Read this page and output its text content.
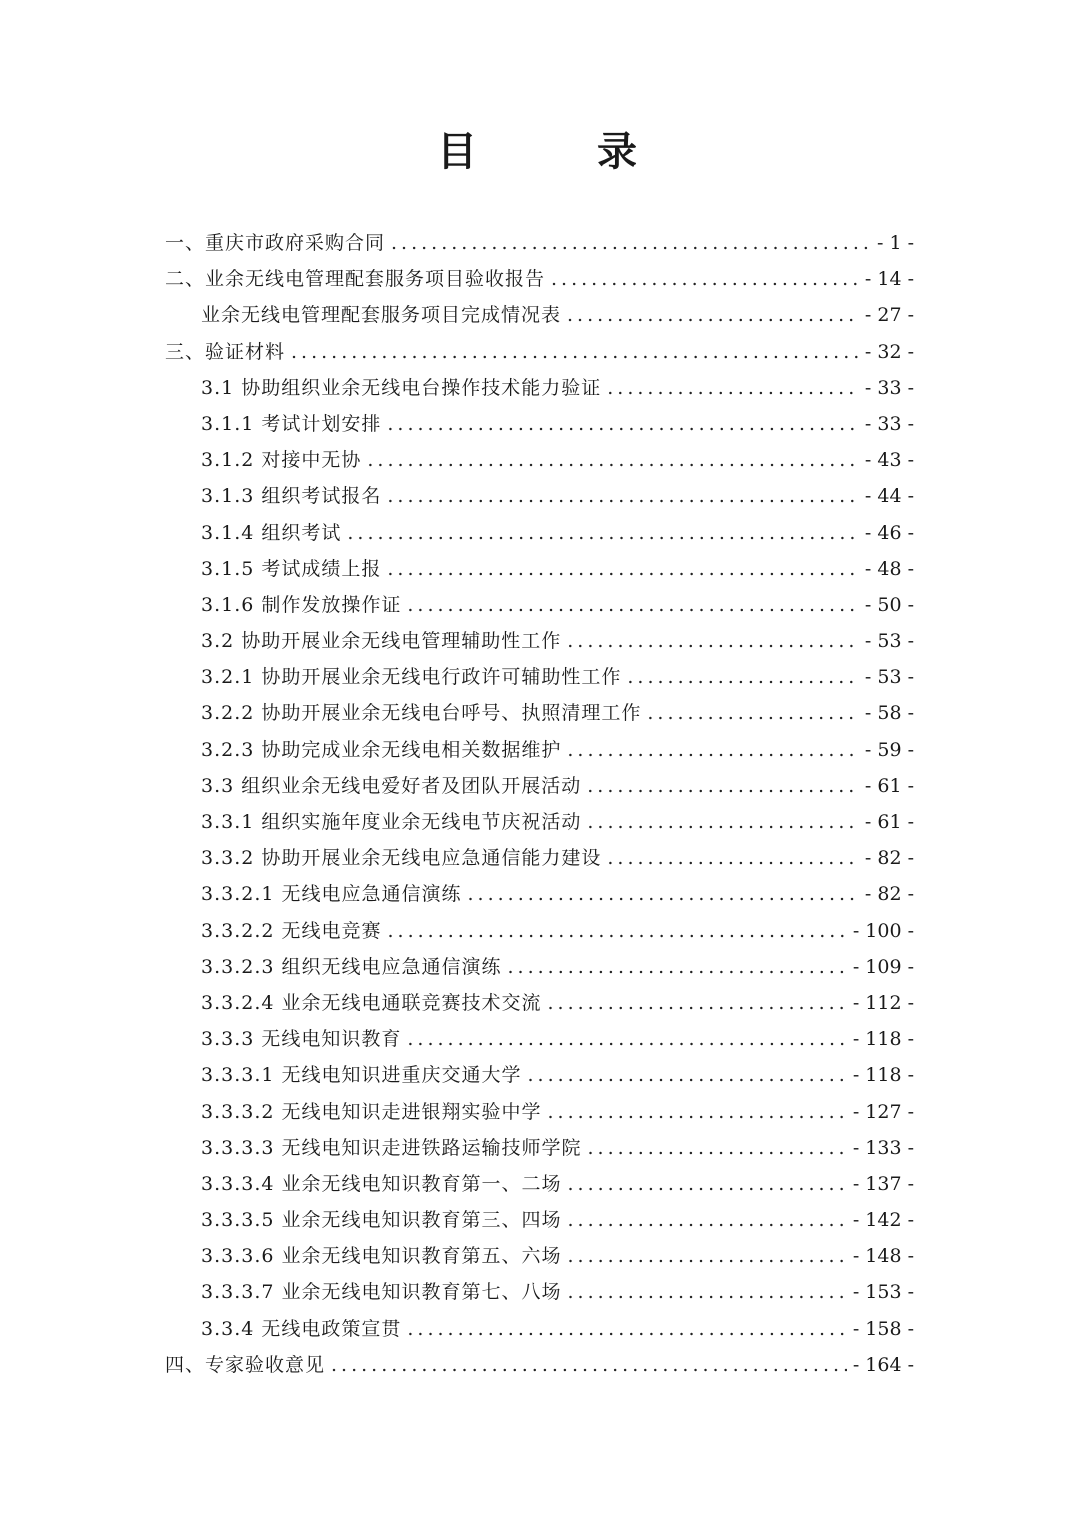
目　录
一、重庆市政府采购合同 .....	- 1 -
二、业余无线电管理配套服务项目验收报告 .....	- 14 -
业余无线电管理配套服务项目完成情况表 .....	- 27 -
三、验证材料 .....	- 32 -
3.1 协助组织业余无线电台操作技术能力验证 .....	- 33 -
3.1.1 考试计划安排 .....	- 33 -
3.1.2 对接中无协 .....	- 43 -
3.1.3 组织考试报名 .....	- 44 -
3.1.4 组织考试 .....	- 46 -
3.1.5 考试成绩上报 .....	- 48 -
3.1.6 制作发放操作证 .....	- 50 -
3.2 协助开展业余无线电管理辅助性工作 .....	- 53 -
3.2.1 协助开展业余无线电行政许可辅助性工作 .....	- 53 -
3.2.2 协助开展业余无线电台呼号、执照清理工作 .....	- 58 -
3.2.3 协助完成业余无线电相关数据维护 .....	- 59 -
3.3 组织业余无线电爱好者及团队开展活动 .....	- 61 -
3.3.1 组织实施年度业余无线电节庆祝活动 .....	- 61 -
3.3.2 协助开展业余无线电应急通信能力建设 .....	- 82 -
3.3.2.1 无线电应急通信演练 .....	- 82 -
3.3.2.2 无线电竞赛 .....	- 100 -
3.3.2.3 组织无线电应急通信演练 .....	- 109 -
3.3.2.4 业余无线电通联竞赛技术交流 .....	- 112 -
3.3.3 无线电知识教育 .....	- 118 -
3.3.3.1 无线电知识进重庆交通大学 .....	- 118 -
3.3.3.2 无线电知识走进银翔实验中学 .....	- 127 -
3.3.3.3 无线电知识走进铁路运输技师学院 .....	- 133 -
3.3.3.4 业余无线电知识教育第一、二场 .....	- 137 -
3.3.3.5 业余无线电知识教育第三、四场 .....	- 142 -
3.3.3.6 业余无线电知识教育第五、六场 .....	- 148 -
3.3.3.7 业余无线电知识教育第七、八场 .....	- 153 -
3.3.4 无线电政策宣贯 .....	- 158 -
四、专家验收意见 .....	- 164 -
